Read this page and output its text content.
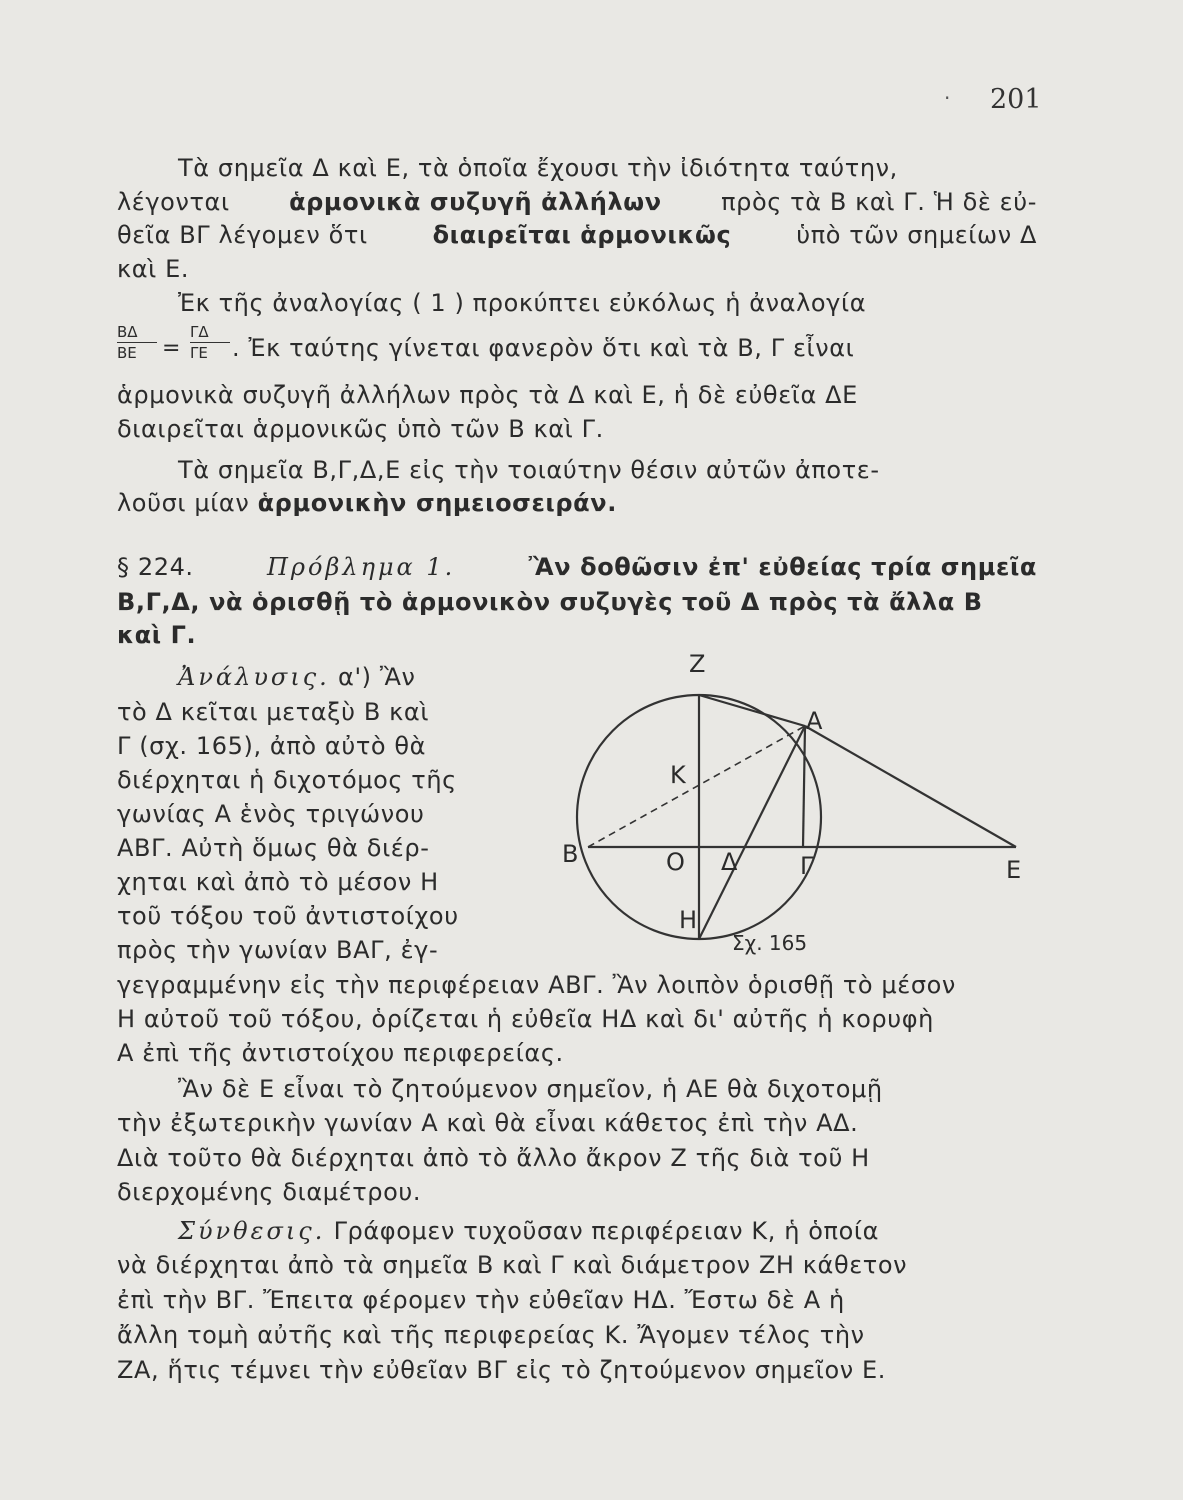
· 201
Τὰ σημεῖα Δ καὶ Ε, τὰ ὁποῖα ἔχουσι τὴν ἰδιότητα ταύτην,
λέγονται ἁρμονικὰ συζυγῆ ἀλλήλων πρὸς τὰ Β καὶ Γ. Ἡ δὲ εὐ-
θεῖα ΒΓ λέγομεν ὅτι	διαιρεῖται ἁρμονικῶς	ὑπὸ τῶν σημείων Δ
καὶ Ε.
Ἐκ τῆς ἀναλογίας ( 1 ) προκύπτει εὐκόλως ἡ ἀναλογία
$\frac{B\Delta}{BE} = \frac{\Gamma\Delta}{\Gamma E}$ . Ἐκ ταύτης γίνεται φανερὸν ὅτι καὶ τὰ Β, Γ εἶναι
ἁρμονικὰ συζυγῆ ἀλλήλων πρὸς τὰ Δ καὶ Ε, ἡ δὲ εὐθεῖα ΔΕ
διαιρεῖται ἁρμονικῶς ὑπὸ τῶν Β καὶ Γ.
Τὰ σημεῖα Β,Γ,Δ,Ε εἰς τὴν τοιαύτην θέσιν αὐτῶν ἀποτε-
λοῦσι μίαν ἁρμονικὴν σημειοσειράν.
§ 224.	Πρόβλημα 1.	Ἂν δοθῶσιν ἐπ' εὐθείας τρία σημεῖα
Β,Γ,Δ, νὰ ὁρισθῇ τὸ ἁρμονικὸν συζυγὲς τοῦ Δ πρὸς τὰ ἄλλα Β
καὶ Γ.
Ἀνάλυσις. α') Ἂν
τὸ Δ κεῖται μεταξὺ Β καὶ
Γ (σχ. 165), ἀπὸ αὐτὸ θὰ
διέρχηται ἡ διχοτόμος τῆς
γωνίας Α ἑνὸς τριγώνου
ΑΒΓ. Αὐτὴ ὅμως θὰ διέρ-
χηται καὶ ἀπὸ τὸ μέσον Η
τοῦ τόξου τοῦ ἀντιστοίχου
πρὸς τὴν γωνίαν ΒΑΓ, ἐγ-
γεγραμμένην εἰς τὴν περιφέρειαν ΑΒΓ. Ἂν λοιπὸν ὁρισθῇ τὸ μέσον
Η αὐτοῦ τοῦ τόξου, ὁρίζεται ἡ εὐθεῖα ΗΔ καὶ δι' αὐτῆς ἡ κορυφὴ
Α ἐπὶ τῆς ἀντιστοίχου περιφερείας.
Ἂν δὲ Ε εἶναι τὸ ζητούμενον σημεῖον, ἡ ΑΕ θὰ διχοτομῇ
τὴν ἐξωτερικὴν γωνίαν Α καὶ θὰ εἶναι κάθετος ἐπὶ τὴν ΑΔ.
Διὰ τοῦτο θὰ διέρχηται ἀπὸ τὸ ἄλλο ἄκρον Ζ τῆς διὰ τοῦ Η
διερχομένης διαμέτρου.
Σύνθεσις. Γράφομεν τυχοῦσαν περιφέρειαν Κ, ἡ ὁποία
νὰ διέρχηται ἀπὸ τὰ σημεῖα Β καὶ Γ καὶ διάμετρον ΖΗ κάθετον
ἐπὶ τὴν ΒΓ. Ἔπειτα φέρομεν τὴν εὐθεῖαν ΗΔ. Ἔστω δὲ Α ἡ
ἄλλη τομὴ αὐτῆς καὶ τῆς περιφερείας Κ. Ἄγομεν τέλος τὴν
ΖΑ, ἥτις τέμνει τὴν εὐθεῖαν ΒΓ εἰς τὸ ζητούμενον σημεῖον Ε.
Ζ
Α
Κ
Β	Ο Δ	Γ	Ε
Η
Σχ. 165
